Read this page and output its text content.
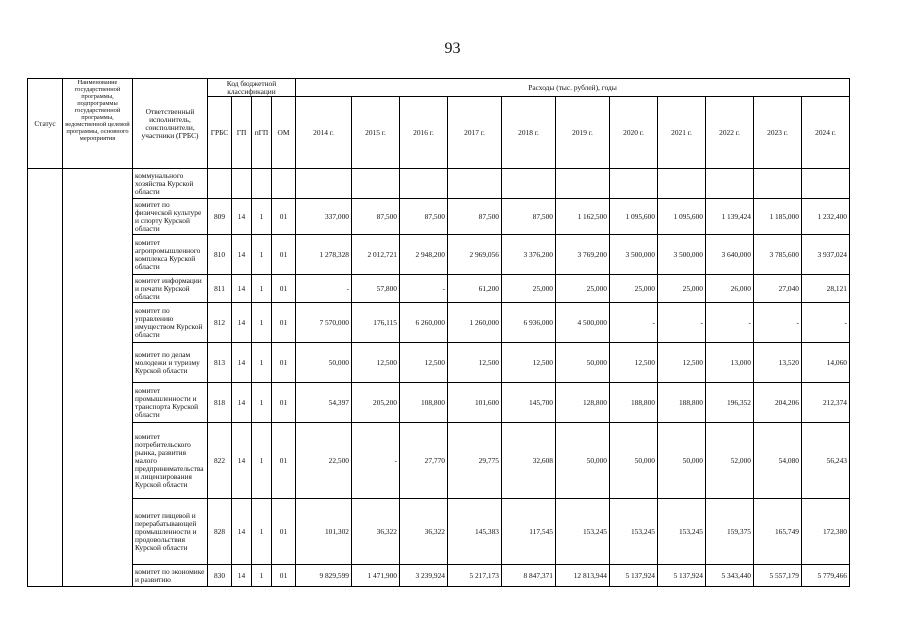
93
Статус	Наименование государственной программы, подпрограммы государственной программы, ведомственной целевой программы, основного мероприятия	Ответственный исполнитель, соисполнители, участники (ГРБС)	Код бюджетной классификации				Расходы (тыс. рублей), годы										
			ГРБС	ГП	пГП	ОМ	2014 г.	2015 г.	2016 г.	2017 г.	2018 г.	2019 г.	2020 г.	2021 г.	2022 г.	2023 г.	2024 г.
		коммунального хозяйства Курской области															
		комитет по физической культуре и спорту Курской области	809	14	1	01	337,000	87,500	87,500	87,500	87,500	1 162,500	1 095,600	1 095,600	1 139,424	1 185,000	1 232,400
		комитет агропромышленного комплекса Курской области	810	14	1	01	1 278,328	2 012,721	2 948,200	2 969,056	3 376,200	3 769,200	3 500,000	3 500,000	3 640,000	3 785,600	3 937,024
		комитет информации и печати Курской области	811	14	1	01	-	57,800	-	61,200	25,000	25,000	25,000	25,000	26,000	27,040	28,121
		комитет по управлению имуществом Курской области	812	14	1	01	7 570,000	176,115	6 260,000	1 260,000	6 936,000	4 500,000	-	-	-	-	-
		комитет по делам молодежи и туризму Курской области	813	14	1	01	50,000	12,500	12,500	12,500	12,500	50,000	12,500	12,500	13,000	13,520	14,060
		комитет промышленности и транспорта Курской области	818	14	1	01	54,397	205,200	108,800	101,600	145,700	128,800	188,800	188,800	196,352	204,206	212,374
		комитет потребительского рынка, развития малого предпринимательства и лицензирования Курской области	822	14	1	01	22,500	-	27,770	29,775	32,608	50,000	50,000	50,000	52,000	54,080	56,243
		комитет пищевой и перерабатывающей промышленности и продовольствия Курской области	828	14	1	01	101,302	36,322	36,322	145,383	117,545	153,245	153,245	153,245	159,375	165,749	172,380
		комитет по экономике и развитию	830	14	1	01	9 829,599	1 471,900	3 239,924	5 217,173	8 847,371	12 813,944	5 137,924	5 137,924	5 343,440	5 557,179	5 779,466
